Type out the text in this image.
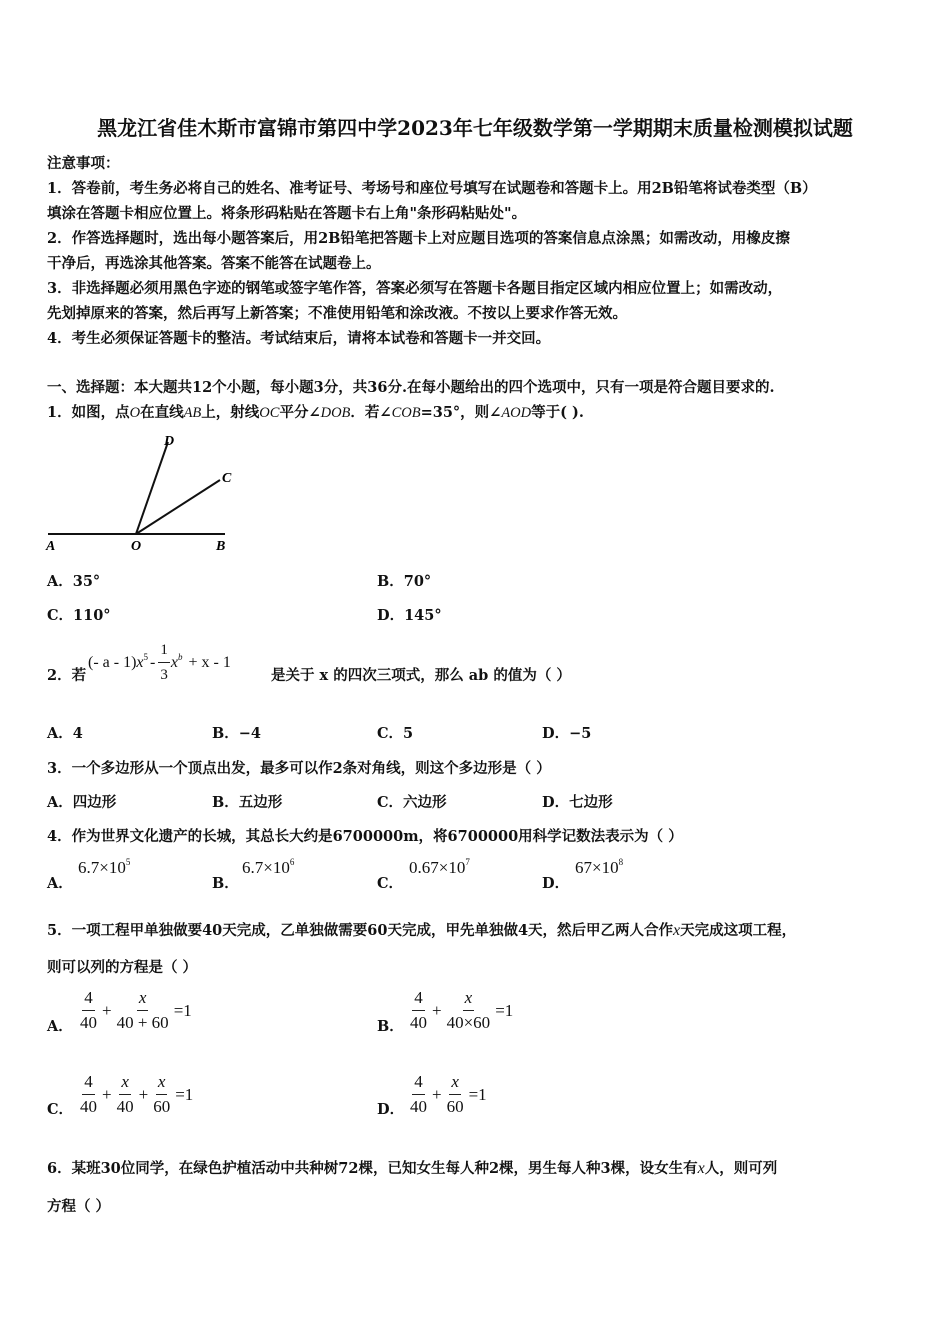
黑龙江省佳木斯市富锦市第四中学2023年七年级数学第一学期期末质量检测模拟试题
注意事项：
1．答卷前，考生务必将自己的姓名、准考证号、考场号和座位号填写在试题卷和答题卡上。用2B铅笔将试卷类型（B）
填涂在答题卡相应位置上。将条形码粘贴在答题卡右上角"条形码粘贴处"。
2．作答选择题时，选出每小题答案后，用2B铅笔把答题卡上对应题目选项的答案信息点涂黑；如需改动，用橡皮擦
干净后，再选涂其他答案。答案不能答在试题卷上。
3．非选择题必须用黑色字迹的钢笔或签字笔作答，答案必须写在答题卡各题目指定区域内相应位置上；如需改动，
先划掉原来的答案，然后再写上新答案；不准使用铅笔和涂改液。不按以上要求作答无效。
4．考生必须保证答题卡的整洁。考试结束后，请将本试卷和答题卡一并交回。
一、选择题：本大题共12个小题，每小题3分，共36分.在每小题给出的四个选项中，只有一项是符合题目要求的.
1．如图，点O在直线AB上，射线OC平分∠DOB．若∠COB=35°，则∠AOD等于( ).
A	O	B
C
D
A．35°	B．70°
C．110°	D．145°
2．若
(- a - 1) $x^5 - \frac{1}{3} x^b + x - 1$
是关于 x 的四次三项式，那么 ab 的值为（ ）
A．4	B．−4	C．5	D．−5
3．一个多边形从一个顶点出发，最多可以作2条对角线，则这个多边形是（ ）
A．四边形	B．五边形	C．六边形	D．七边形
4．作为世界文化遗产的长城，其总长大约是6700000m，将6700000用科学记数法表示为（ ）
A．
$6.7\times 10^5$
B．
$6.7\times 10^6$
C．
$0.67\times 10^7$
D．
$67\times 10^8$
5．一项工程甲单独做要40天完成，乙单独做需要60天完成，甲先单独做4天，然后甲乙两人合作x天完成这项工程，
则可以列的方程是（ ）
A． $\frac{4}{40} + \frac{x}{40 + 60} =1$
B． $\frac{4}{40} + \frac{x}{40\times 60} =1$
C． $\frac{4}{40} + \frac{x}{40} + \frac{x}{60} =1$
D． $\frac{4}{40} + \frac{x}{60} =1$
6．某班30位同学，在绿色护植活动中共种树72棵，已知女生每人种2棵，男生每人种3棵，设女生有x人，则可列
方程（ ）
